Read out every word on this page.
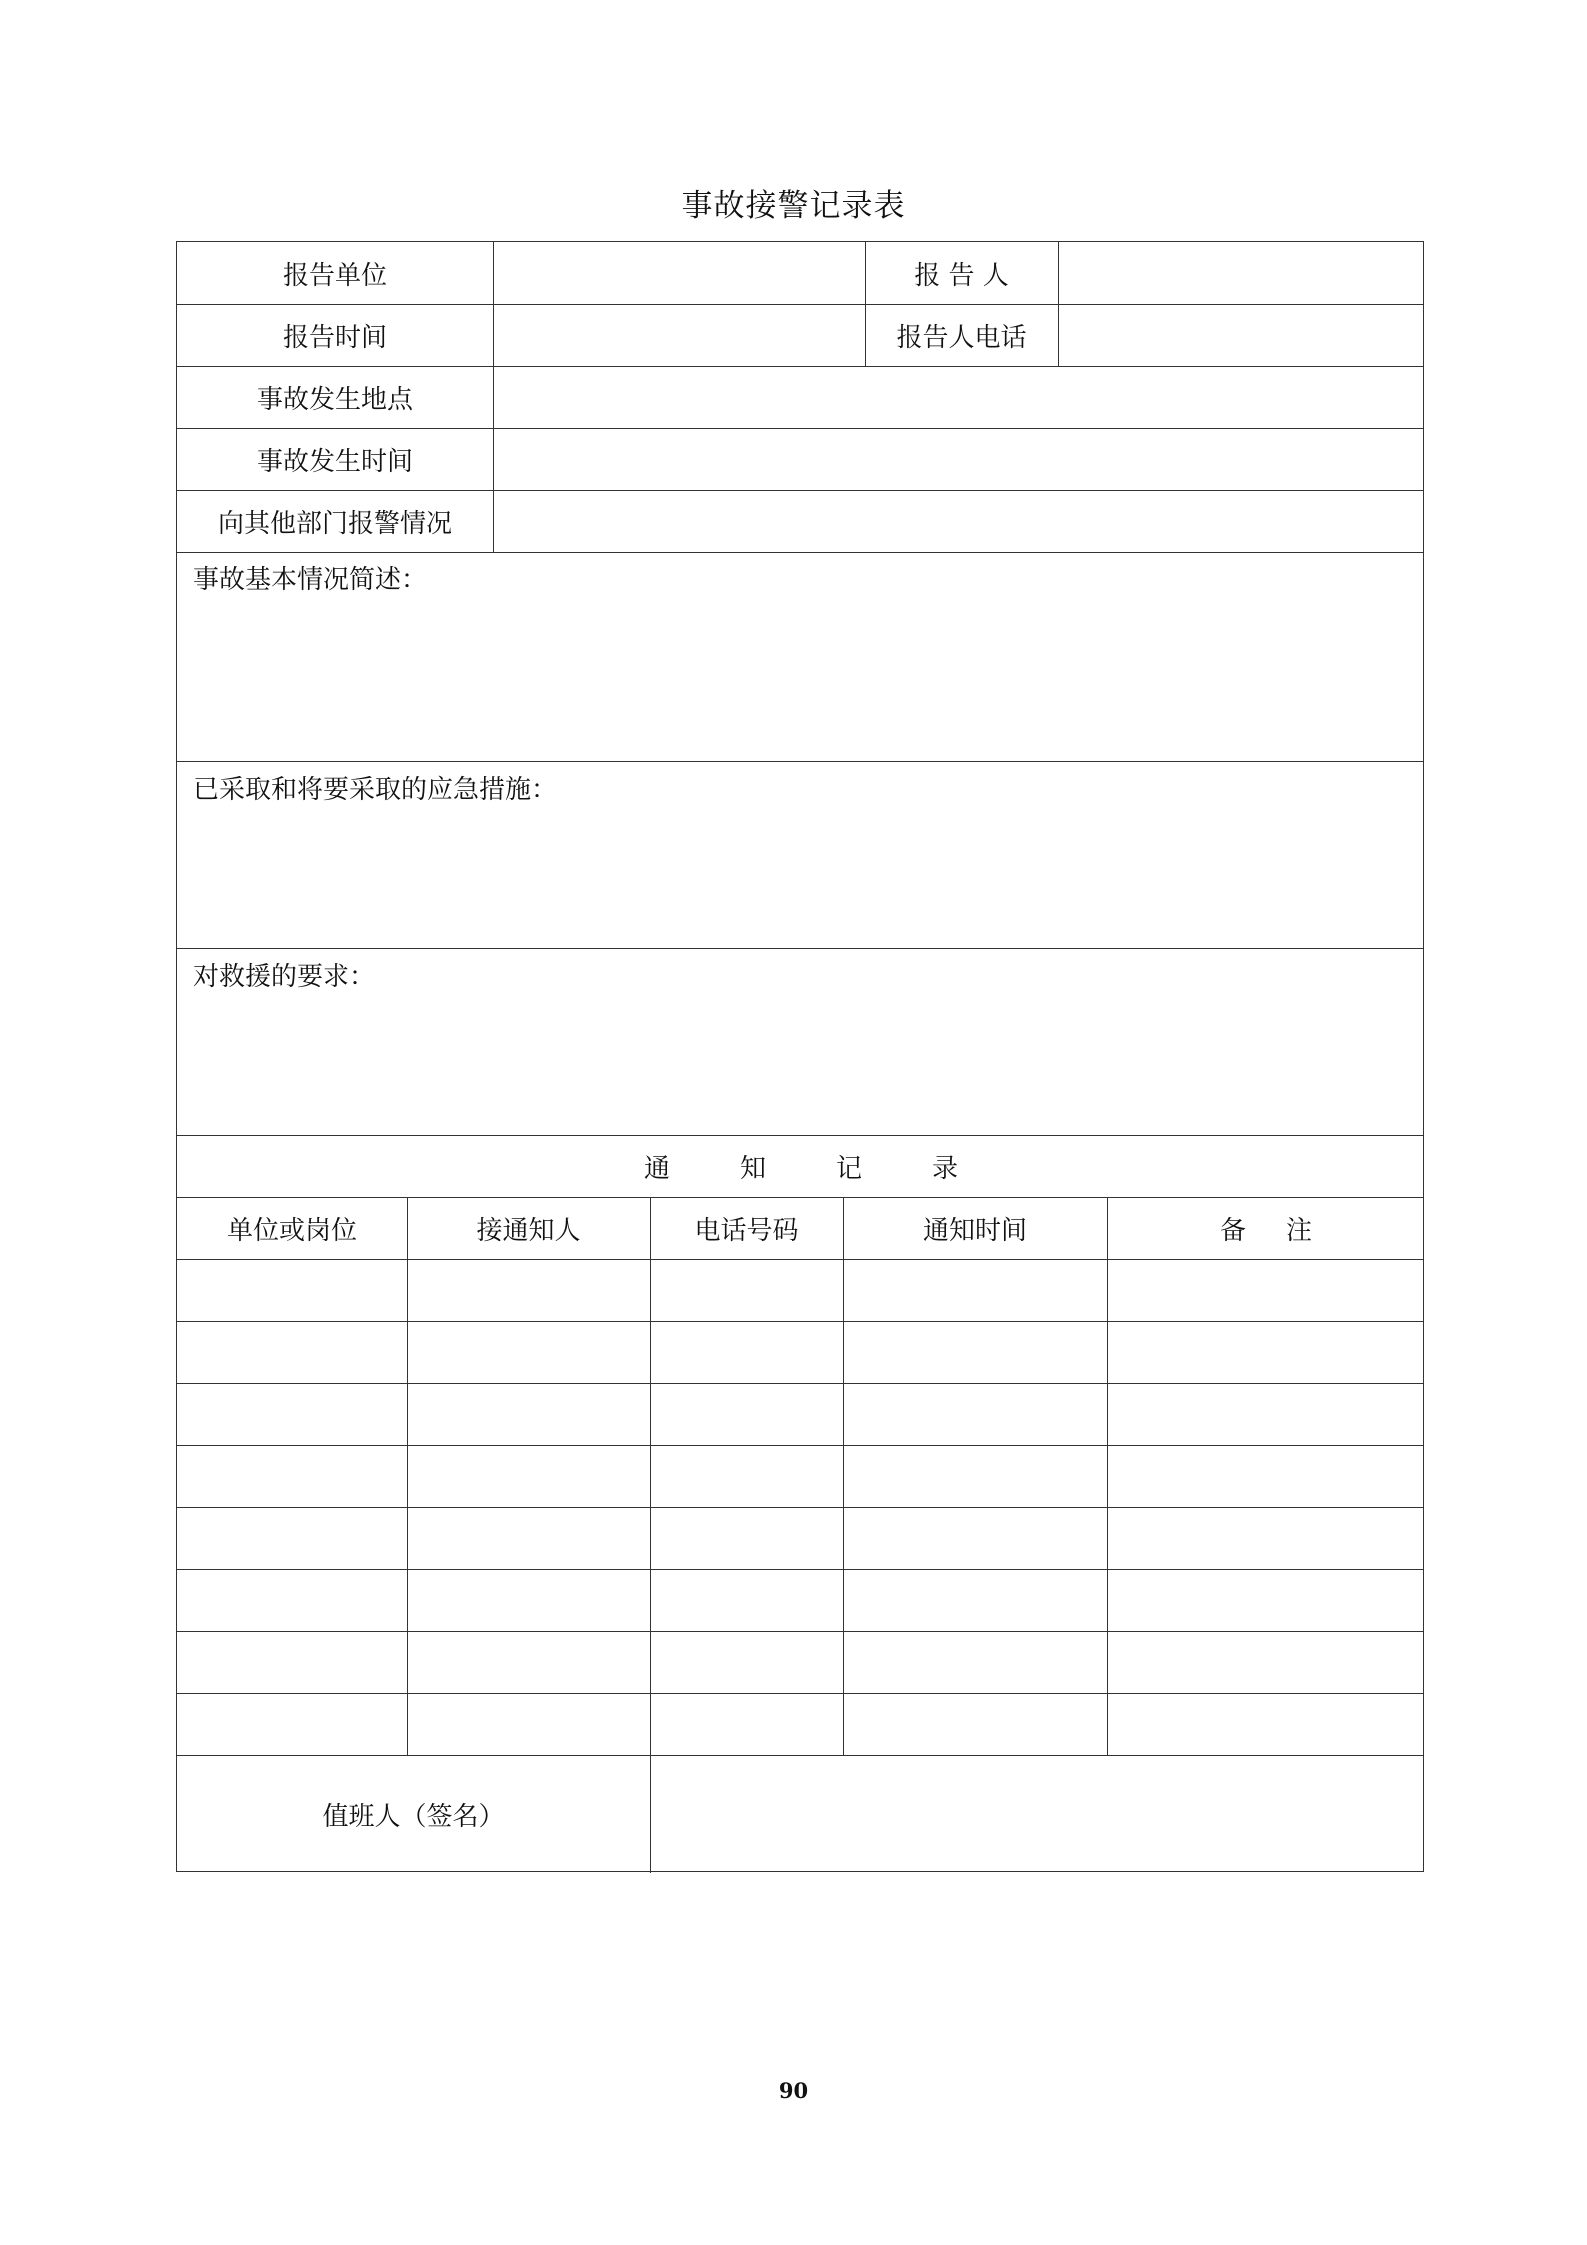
事故接警记录表
报告单位	报 告 人
报告时间	报告人电话
事故发生地点
事故发生时间
向其他部门报警情况
事故基本情况简述：
已采取和将要采取的应急措施：
对救援的要求：
通知记录
单位或岗位	接通知人	电话号码	通知时间	备注
值班人（签名）
90
